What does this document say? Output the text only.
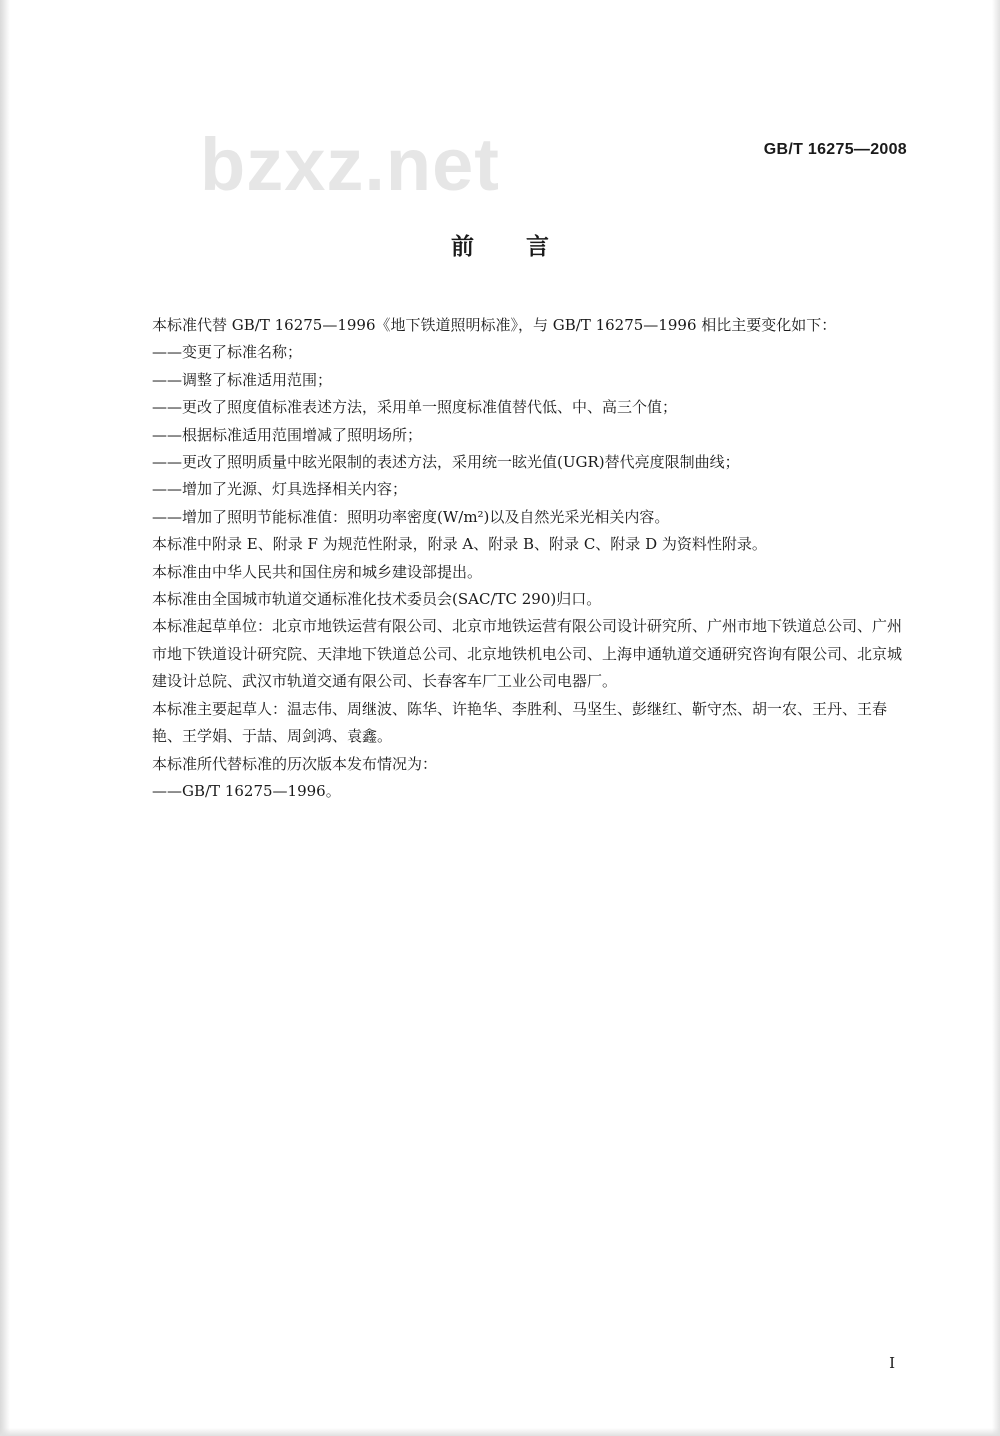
bzxz.net	GB/T 16275—2008
前言

本标准代替 GB/T 16275—1996《地下铁道照明标准》，与 GB/T 16275—1996 相比主要变化如下：

——变更了标准名称；

——调整了标准适用范围；

——更改了照度值标准表述方法，采用单一照度标准值替代低、中、高三个值；

——根据标准适用范围增减了照明场所；

——更改了照明质量中眩光限制的表述方法，采用统一眩光值(UGR)替代亮度限制曲线；

——增加了光源、灯具选择相关内容；

——增加了照明节能标准值：照明功率密度(W/m²)以及自然光采光相关内容。

本标准中附录 E、附录 F 为规范性附录，附录 A、附录 B、附录 C、附录 D 为资料性附录。

本标准由中华人民共和国住房和城乡建设部提出。

本标准由全国城市轨道交通标准化技术委员会(SAC/TC 290)归口。

本标准起草单位：北京市地铁运营有限公司、北京市地铁运营有限公司设计研究所、广州市地下铁道总公司、广州市地下铁道设计研究院、天津地下铁道总公司、北京地铁机电公司、上海申通轨道交通研究咨询有限公司、北京城建设计总院、武汉市轨道交通有限公司、长春客车厂工业公司电器厂。

本标准主要起草人：温志伟、周继波、陈华、许艳华、李胜利、马坚生、彭继红、靳守杰、胡一农、王丹、王春艳、王学娟、于喆、周剑鸿、袁鑫。

本标准所代替标准的历次版本发布情况为：

——GB/T 16275—1996。

I
